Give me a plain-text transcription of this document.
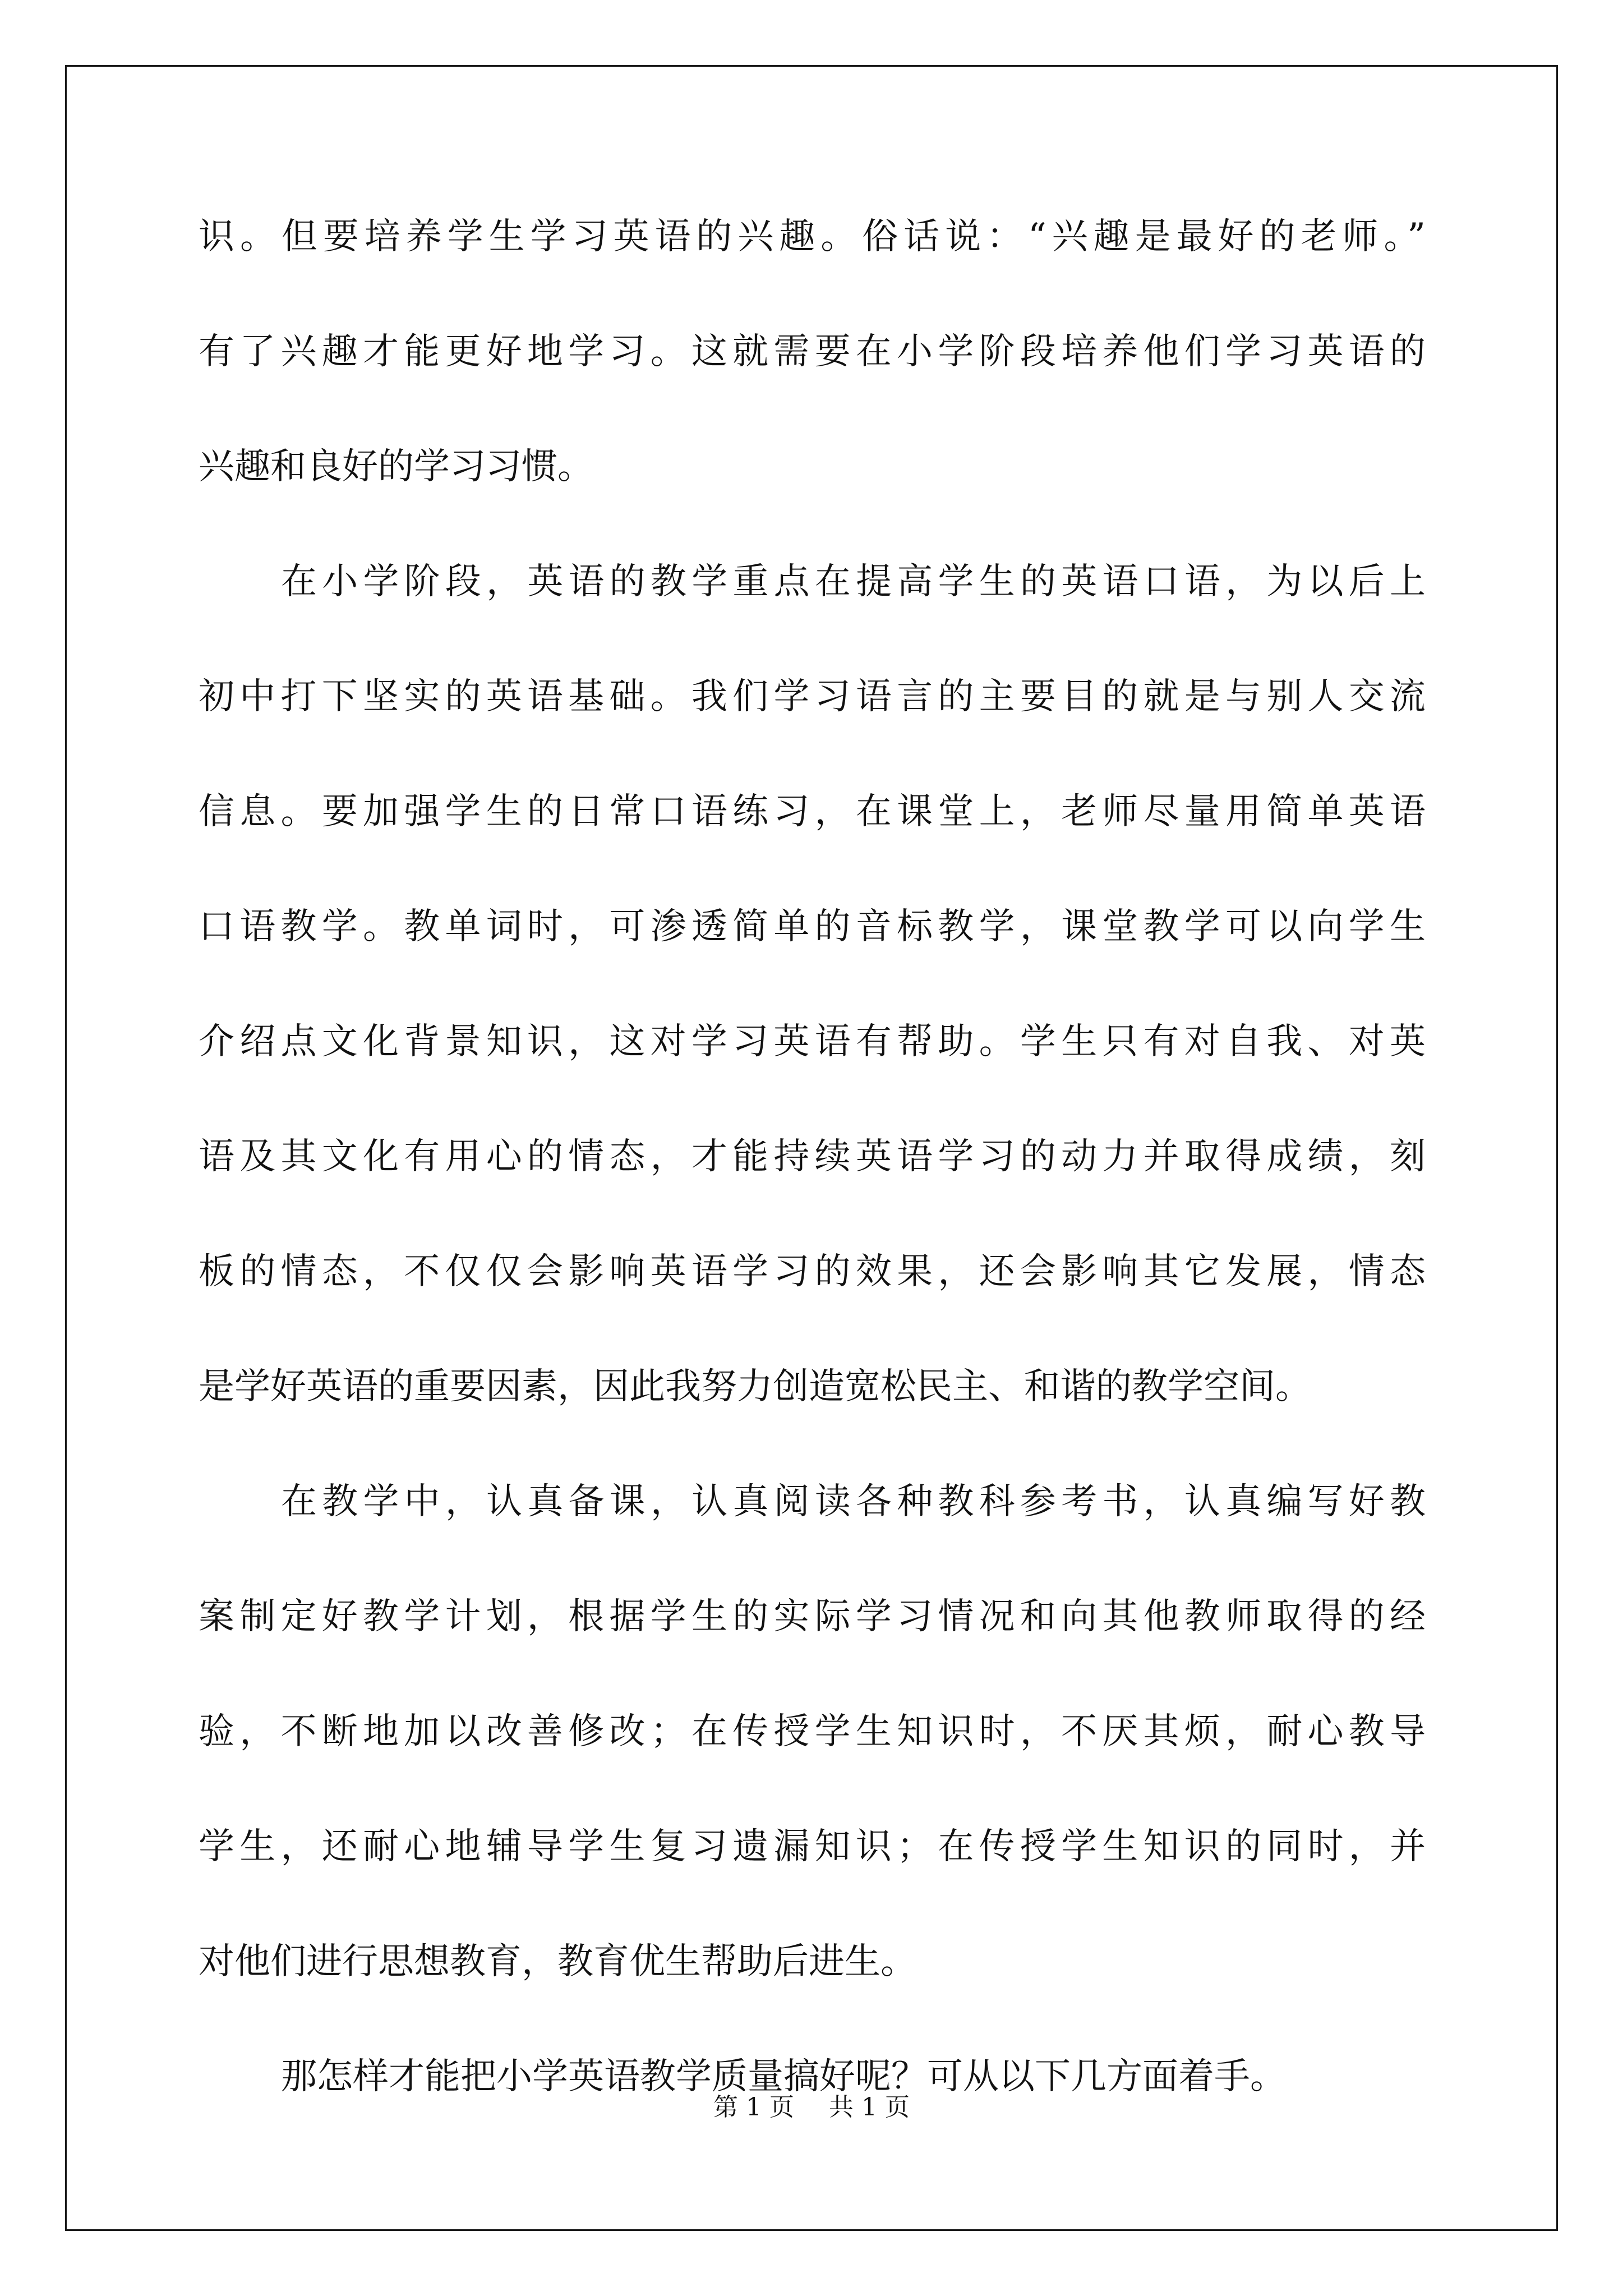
识。但要培养学生学习英语的兴趣。俗话说：“兴趣是最好的老师。”
有了兴趣才能更好地学习。这就需要在小学阶段培养他们学习英语的
兴趣和良好的学习习惯。
在小学阶段，英语的教学重点在提高学生的英语口语，为以后上
初中打下坚实的英语基础。我们学习语言的主要目的就是与别人交流
信息。要加强学生的日常口语练习，在课堂上，老师尽量用简单英语
口语教学。教单词时，可渗透简单的音标教学，课堂教学可以向学生
介绍点文化背景知识，这对学习英语有帮助。学生只有对自我、对英
语及其文化有用心的情态，才能持续英语学习的动力并取得成绩，刻
板的情态，不仅仅会影响英语学习的效果，还会影响其它发展，情态
是学好英语的重要因素，因此我努力创造宽松民主、和谐的教学空间。
在教学中，认真备课，认真阅读各种教科参考书，认真编写好教
案制定好教学计划，根据学生的实际学习情况和向其他教师取得的经
验，不断地加以改善修改；在传授学生知识时，不厌其烦，耐心教导
学生，还耐心地辅导学生复习遗漏知识；在传授学生知识的同时，并
对他们进行思想教育，教育优生帮助后进生。
那怎样才能把小学英语教学质量搞好呢？可从以下几方面着手。
第 1 页 共 1 页
